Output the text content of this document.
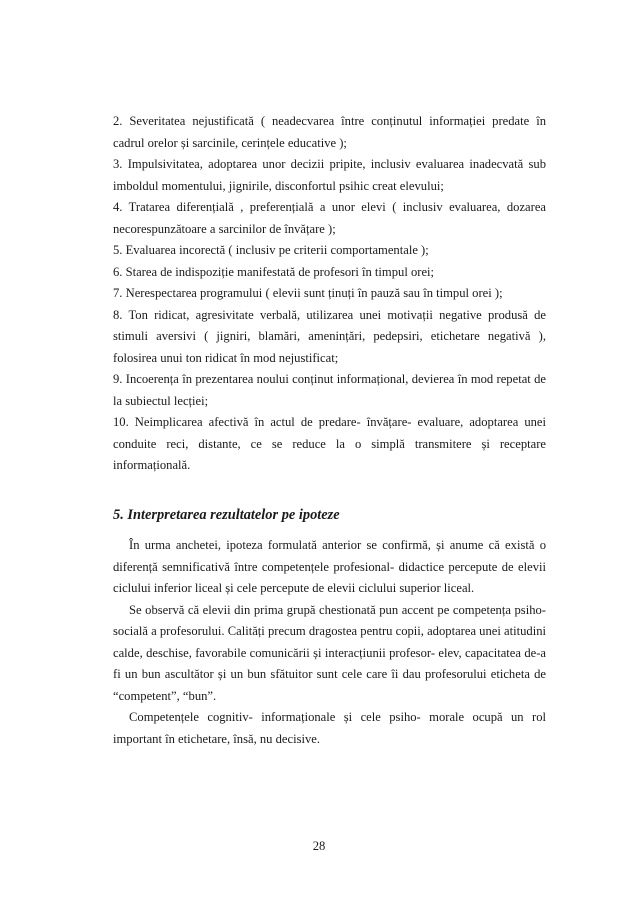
2. Severitatea nejustificată ( neadecvarea între conținutul informației predate în cadrul orelor și sarcinile, cerințele educative );

3. Impulsivitatea, adoptarea unor decizii pripite, inclusiv evaluarea inadecvată sub imboldul momentului, jignirile, disconfortul psihic creat elevului;

4. Tratarea diferențială , preferențială a unor elevi ( inclusiv evaluarea, dozarea necorespunzătoare a sarcinilor de învățare );

5. Evaluarea incorectă ( inclusiv pe criterii comportamentale );

6. Starea de indispoziție manifestată de profesori în timpul orei;

7. Nerespectarea programului ( elevii sunt ținuți în pauză sau în timpul orei );

8. Ton ridicat, agresivitate verbală, utilizarea unei motivații negative produsă de stimuli aversivi ( jigniri, blamări, amenințări, pedepsiri, etichetare negativă ), folosirea unui ton ridicat în mod nejustificat;

9. Incoerența în prezentarea noului conținut informațional, devierea în mod repetat de la subiectul lecției;

10. Neimplicarea afectivă în actul de predare- învățare- evaluare, adoptarea unei conduite reci, distante, ce se reduce la o simplă transmitere și receptare informațională.

5. Interpretarea rezultatelor pe ipoteze

În urma anchetei, ipoteza formulată anterior se confirmă, și anume că există o diferență semnificativă între competențele profesional- didactice percepute de elevii ciclului inferior liceal și cele percepute de elevii ciclului superior liceal.

Se observă că elevii din prima grupă chestionată pun accent pe competența psiho-socială a profesorului. Calități precum dragostea pentru copii, adoptarea unei atitudini calde, deschise, favorabile comunicării și interacțiunii profesor- elev, capacitatea de-a fi un bun ascultător și un bun sfătuitor sunt cele care îi dau profesorului eticheta de “competent”, “bun”.

Competențele cognitiv- informaționale și cele psiho- morale ocupă un rol important în etichetare, însă, nu decisive.

28
